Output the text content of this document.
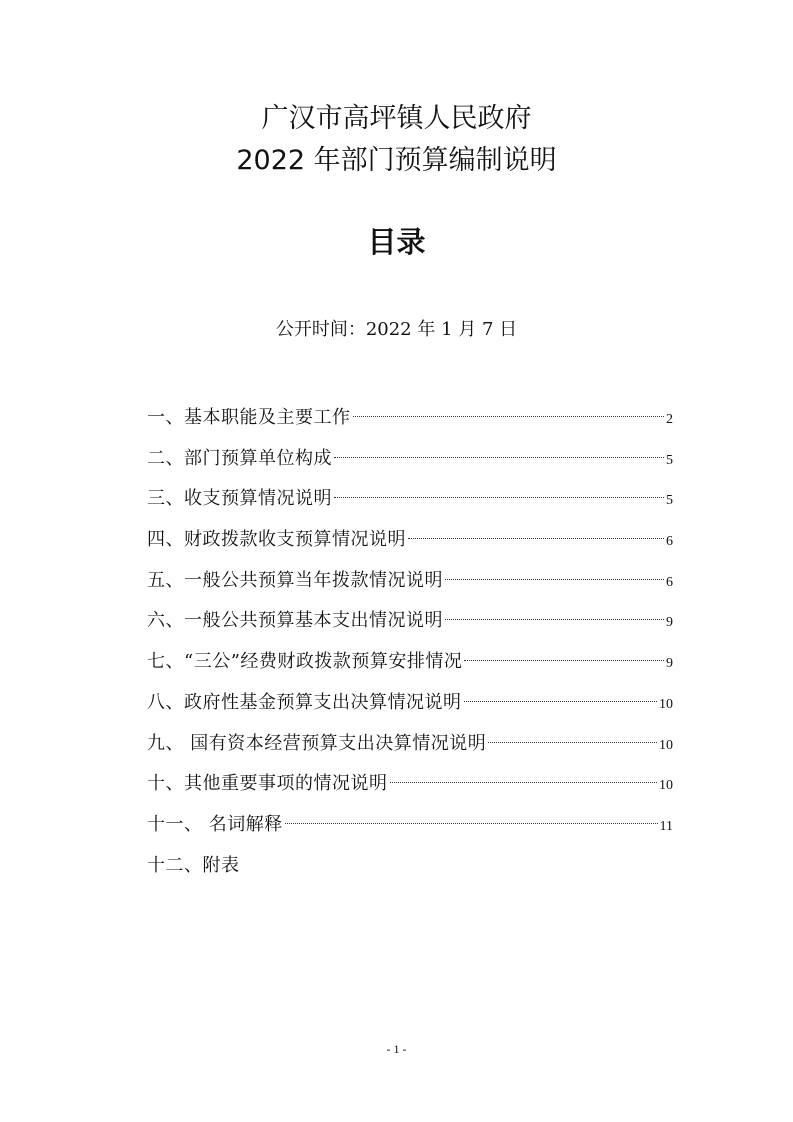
广汉市高坪镇人民政府
2022 年部门预算编制说明
目录
公开时间：2022 年 1 月 7 日
一、基本职能及主要工作	2
二、部门预算单位构成	5
三、收支预算情况说明	5
四、财政拨款收支预算情况说明	6
五、一般公共预算当年拨款情况说明	6
六、一般公共预算基本支出情况说明	9
七、“三公”经费财政拨款预算安排情况	9
八、政府性基金预算支出决算情况说明	10
九、 国有资本经营预算支出决算情况说明	10
十、其他重要事项的情况说明	10
十一、 名词解释	11
十二、附表
- 1 -
